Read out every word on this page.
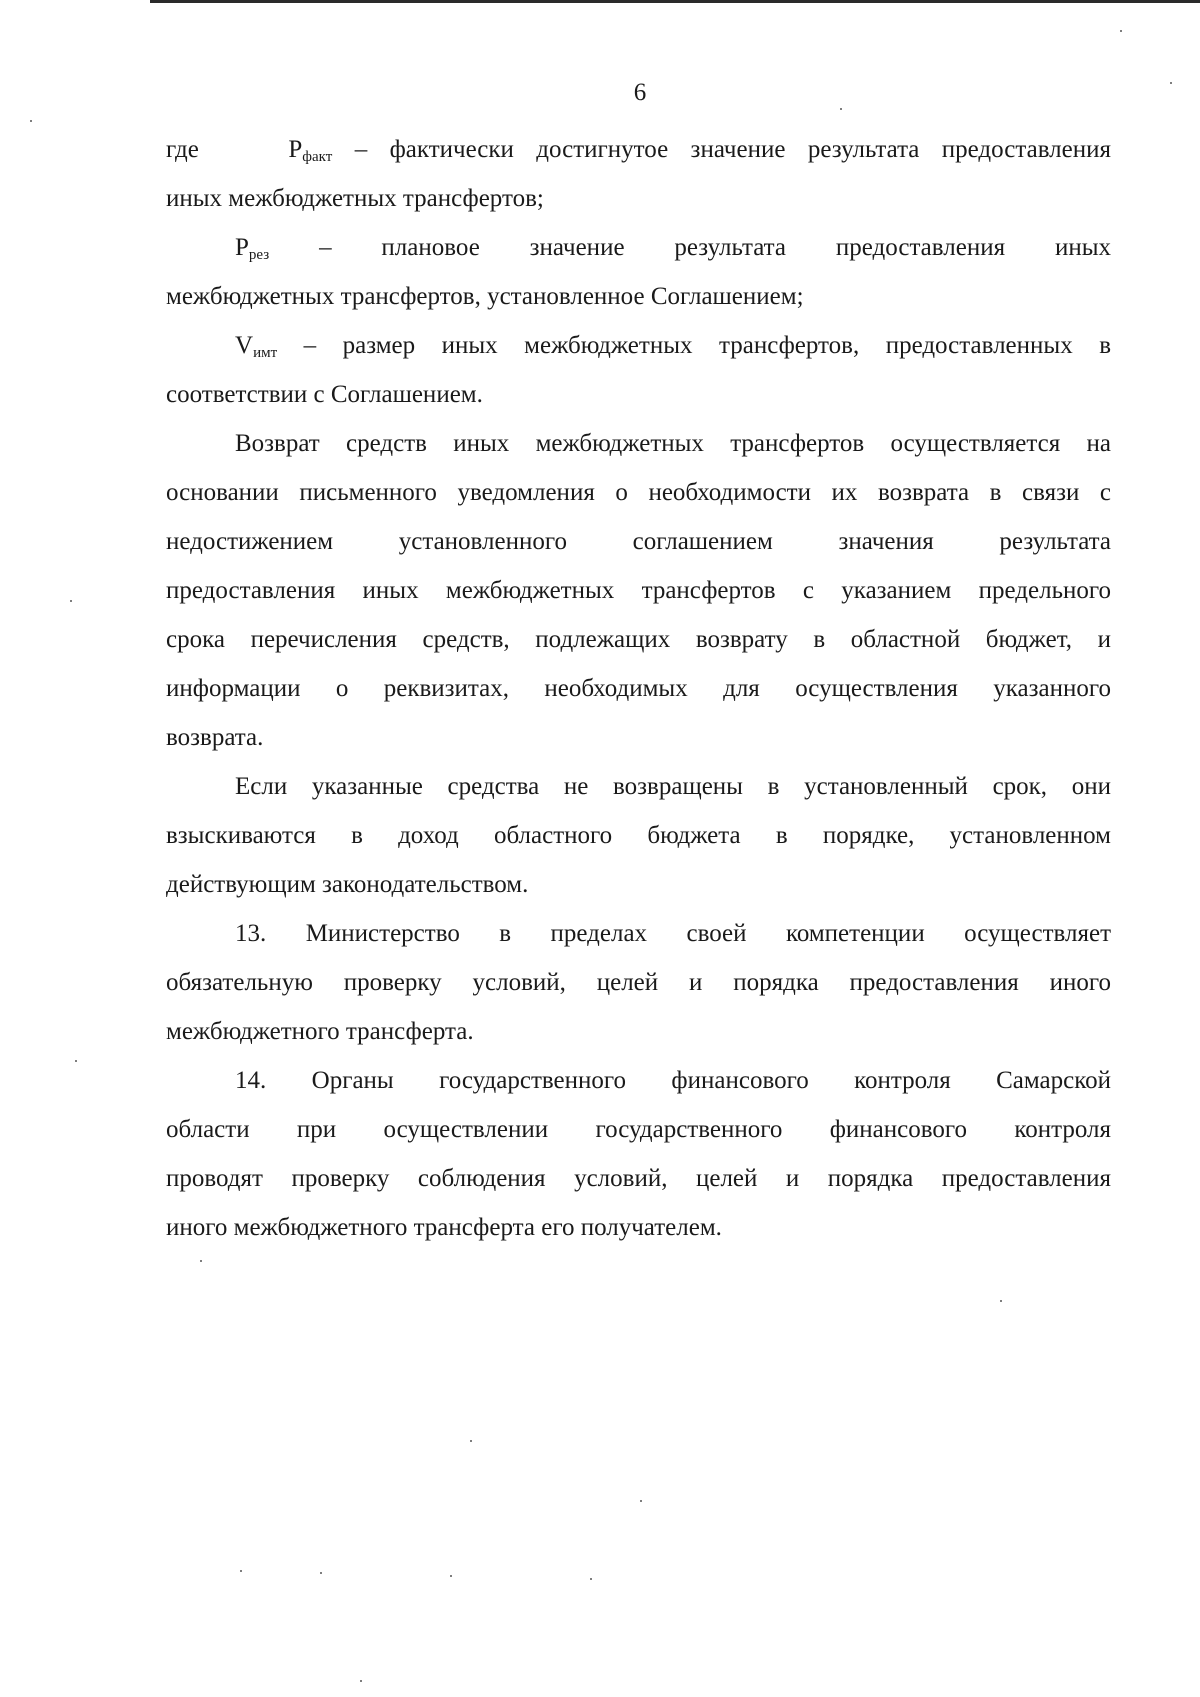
6
где	$P_{факт}$ – фактически достигнутое значение результата предоставления
иных межбюджетных трансфертов;
$P_{рез}$ – плановое значение результата предоставления иных
межбюджетных трансфертов, установленное Соглашением;
$V_{имт}$ – размер иных межбюджетных трансфертов, предоставленных в
соответствии с Соглашением.
Возврат средств иных межбюджетных трансфертов осуществляется на
основании письменного уведомления о необходимости их возврата в связи с
недостижением установленного соглашением значения результата
предоставления иных межбюджетных трансфертов с указанием предельного
срока перечисления средств, подлежащих возврату в областной бюджет, и
информации о реквизитах, необходимых для осуществления указанного
возврата.
Если указанные средства не возвращены в установленный срок, они
взыскиваются в доход областного бюджета в порядке, установленном
действующим законодательством.
13. Министерство в пределах своей компетенции осуществляет
обязательную проверку условий, целей и порядка предоставления иного
межбюджетного трансферта.
14. Органы государственного финансового контроля Самарской
области при осуществлении государственного финансового контроля
проводят проверку соблюдения условий, целей и порядка предоставления
иного межбюджетного трансферта его получателем.
